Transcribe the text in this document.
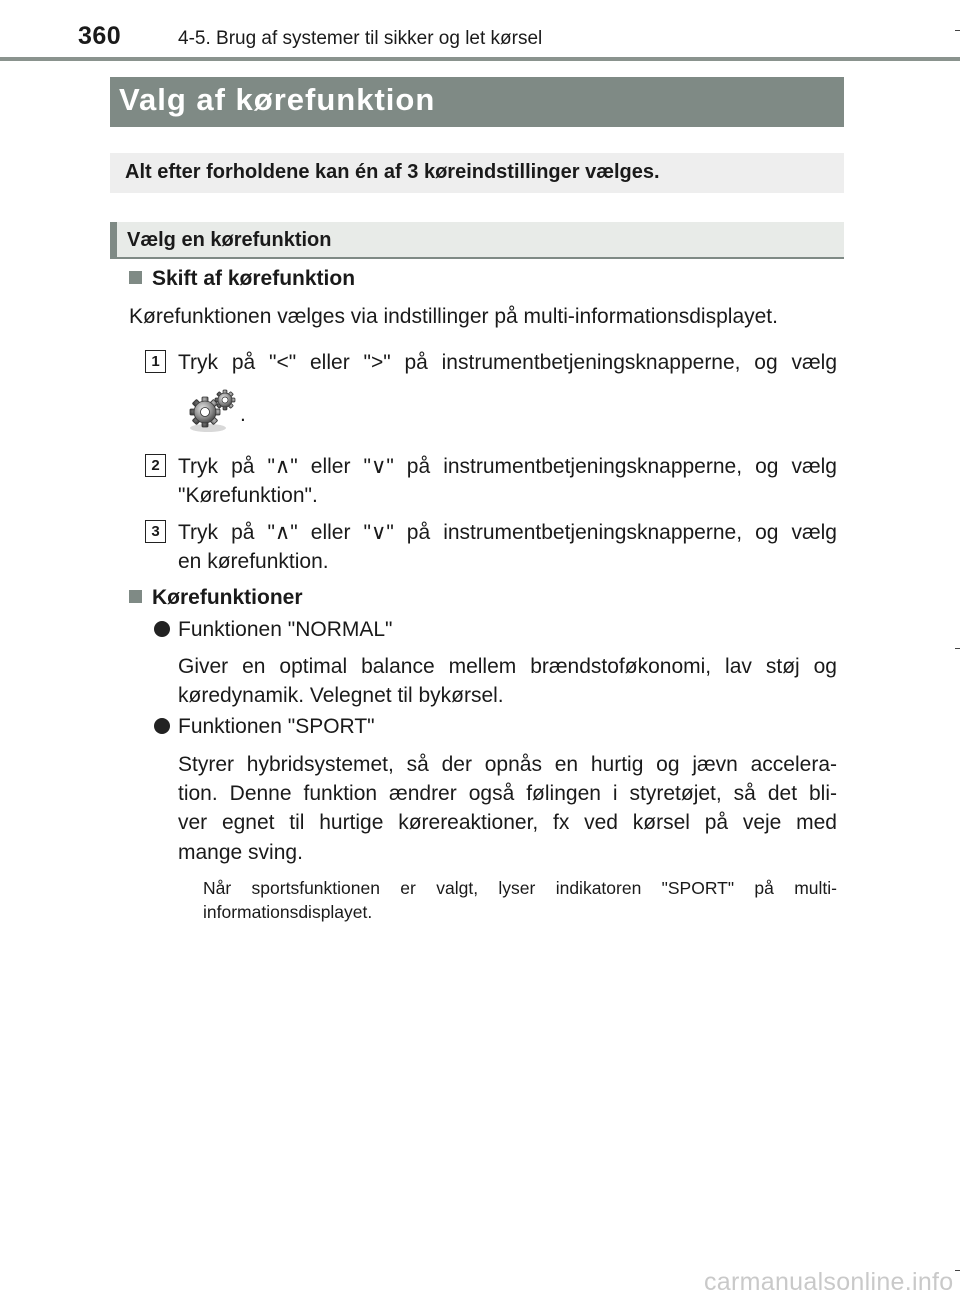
360	4-5. Brug af systemer til sikker og let kørsel
Valg af kørefunktion
Alt efter forholdene kan én af 3 køreindstillinger vælges.
Vælg en kørefunktion
Skift af kørefunktion
Kørefunktionen vælges via indstillinger på multi-informationsdisplayet.
1 Tryk på "<" eller ">" på instrumentbetjeningsknapperne, og vælg
.
2 Tryk på "∧" eller "∨" på instrumentbetjeningsknapperne, og vælg
"Kørefunktion".
3 Tryk på "∧" eller "∨" på instrumentbetjeningsknapperne, og vælg
en kørefunktion.
Kørefunktioner
Funktionen "NORMAL"
Giver en optimal balance mellem brændstoføkonomi, lav støj og
køredynamik. Velegnet til bykørsel.
Funktionen "SPORT"
Styrer hybridsystemet, så der opnås en hurtig og jævn accelera-
tion. Denne funktion ændrer også følingen i styretøjet, så det bli-
ver egnet til hurtige kørereaktioner, fx ved kørsel på veje med
mange sving.
Når sportsfunktionen er valgt, lyser indikatoren "SPORT" på multi-
informationsdisplayet.
carmanualsonline.info
